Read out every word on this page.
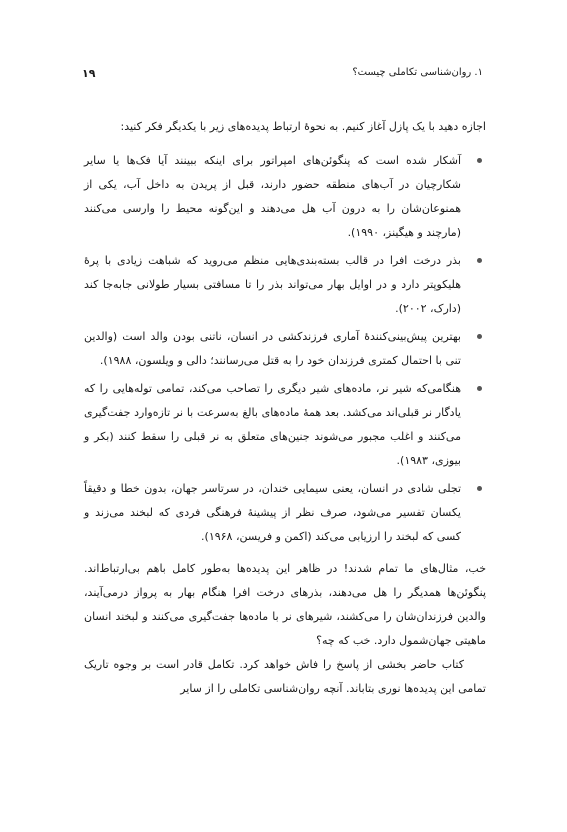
۱۹	۱. روان‌شناسی تکاملی چیست؟

اجازه دهید با یک پازل آغاز کنیم. به نحوهٔ ارتباط پدیده‌های زیر با یکدیگر فکر کنید:

آشکار شده است که پنگوئن‌های امپراتور برای اینکه ببینند آیا فک‌ها یا سایر شکارچیان در آب‌های منطقه حضور دارند، قبل از پریدن به داخل آب، یکی از همنوعان‌شان را به درون آب هل می‌دهند و این‌گونه محیط را وارسی می‌کنند (مارچند و هیگینز، ۱۹۹۰).
بذر درخت افرا در قالب بسته‌بندی‌هایی منظم می‌روید که شباهت زیادی با پرهٔ هلیکوپتر دارد و در اوایل بهار می‌تواند بذر را تا مسافتی بسیار طولانی جابه‌جا کند (دارک، ۲۰۰۲).
بهترین پیش‌بینی‌کنندهٔ آماری فرزندکشی در انسان، ناتنی بودن والد است (والدین تنی با احتمال کمتری فرزندان خود را به قتل می‌رسانند؛ دالی و ویلسون، ۱۹۸۸).
هنگامی‌که شیر نر، ماده‌های شیر دیگری را تصاحب می‌کند، تمامی توله‌هایی را که یادگار نر قبلی‌اند می‌کشد. بعد همهٔ ماده‌های بالغ به‌سرعت با نر تازه‌وارد جفت‌گیری می‌کنند و اغلب مجبور می‌شوند جنین‌های متعلق به نر قبلی را سقط کنند (بکر و بیوزی، ۱۹۸۳).
تجلی شادی در انسان، یعنی سیمایی خندان، در سرتاسر جهان، بدون خطا و دقیقاً یکسان تفسیر می‌شود، صرف نظر از پیشینهٔ فرهنگی فردی که لبخند می‌زند و کسی که لبخند را ارزیابی می‌کند (اکمن و فریسن، ۱۹۶۸).

خب، مثال‌های ما تمام شدند! در ظاهر این پدیده‌ها به‌طور کامل باهم بی‌ارتباط‌اند. پنگوئن‌ها همدیگر را هل می‌دهند، بذرهای درخت افرا هنگام بهار به پرواز درمی‌آیند، والدین فرزندان‌شان را می‌کشند، شیرهای نر با ماده‌ها جفت‌گیری می‌کنند و لبخند انسان ماهیتی جهان‌شمول دارد. خب که چه؟

کتاب حاضر بخشی از پاسخ را فاش خواهد کرد. تکامل قادر است بر وجوه تاریک تمامی این پدیده‌ها نوری بتاباند. آنچه روان‌شناسی تکاملی را از سایر
